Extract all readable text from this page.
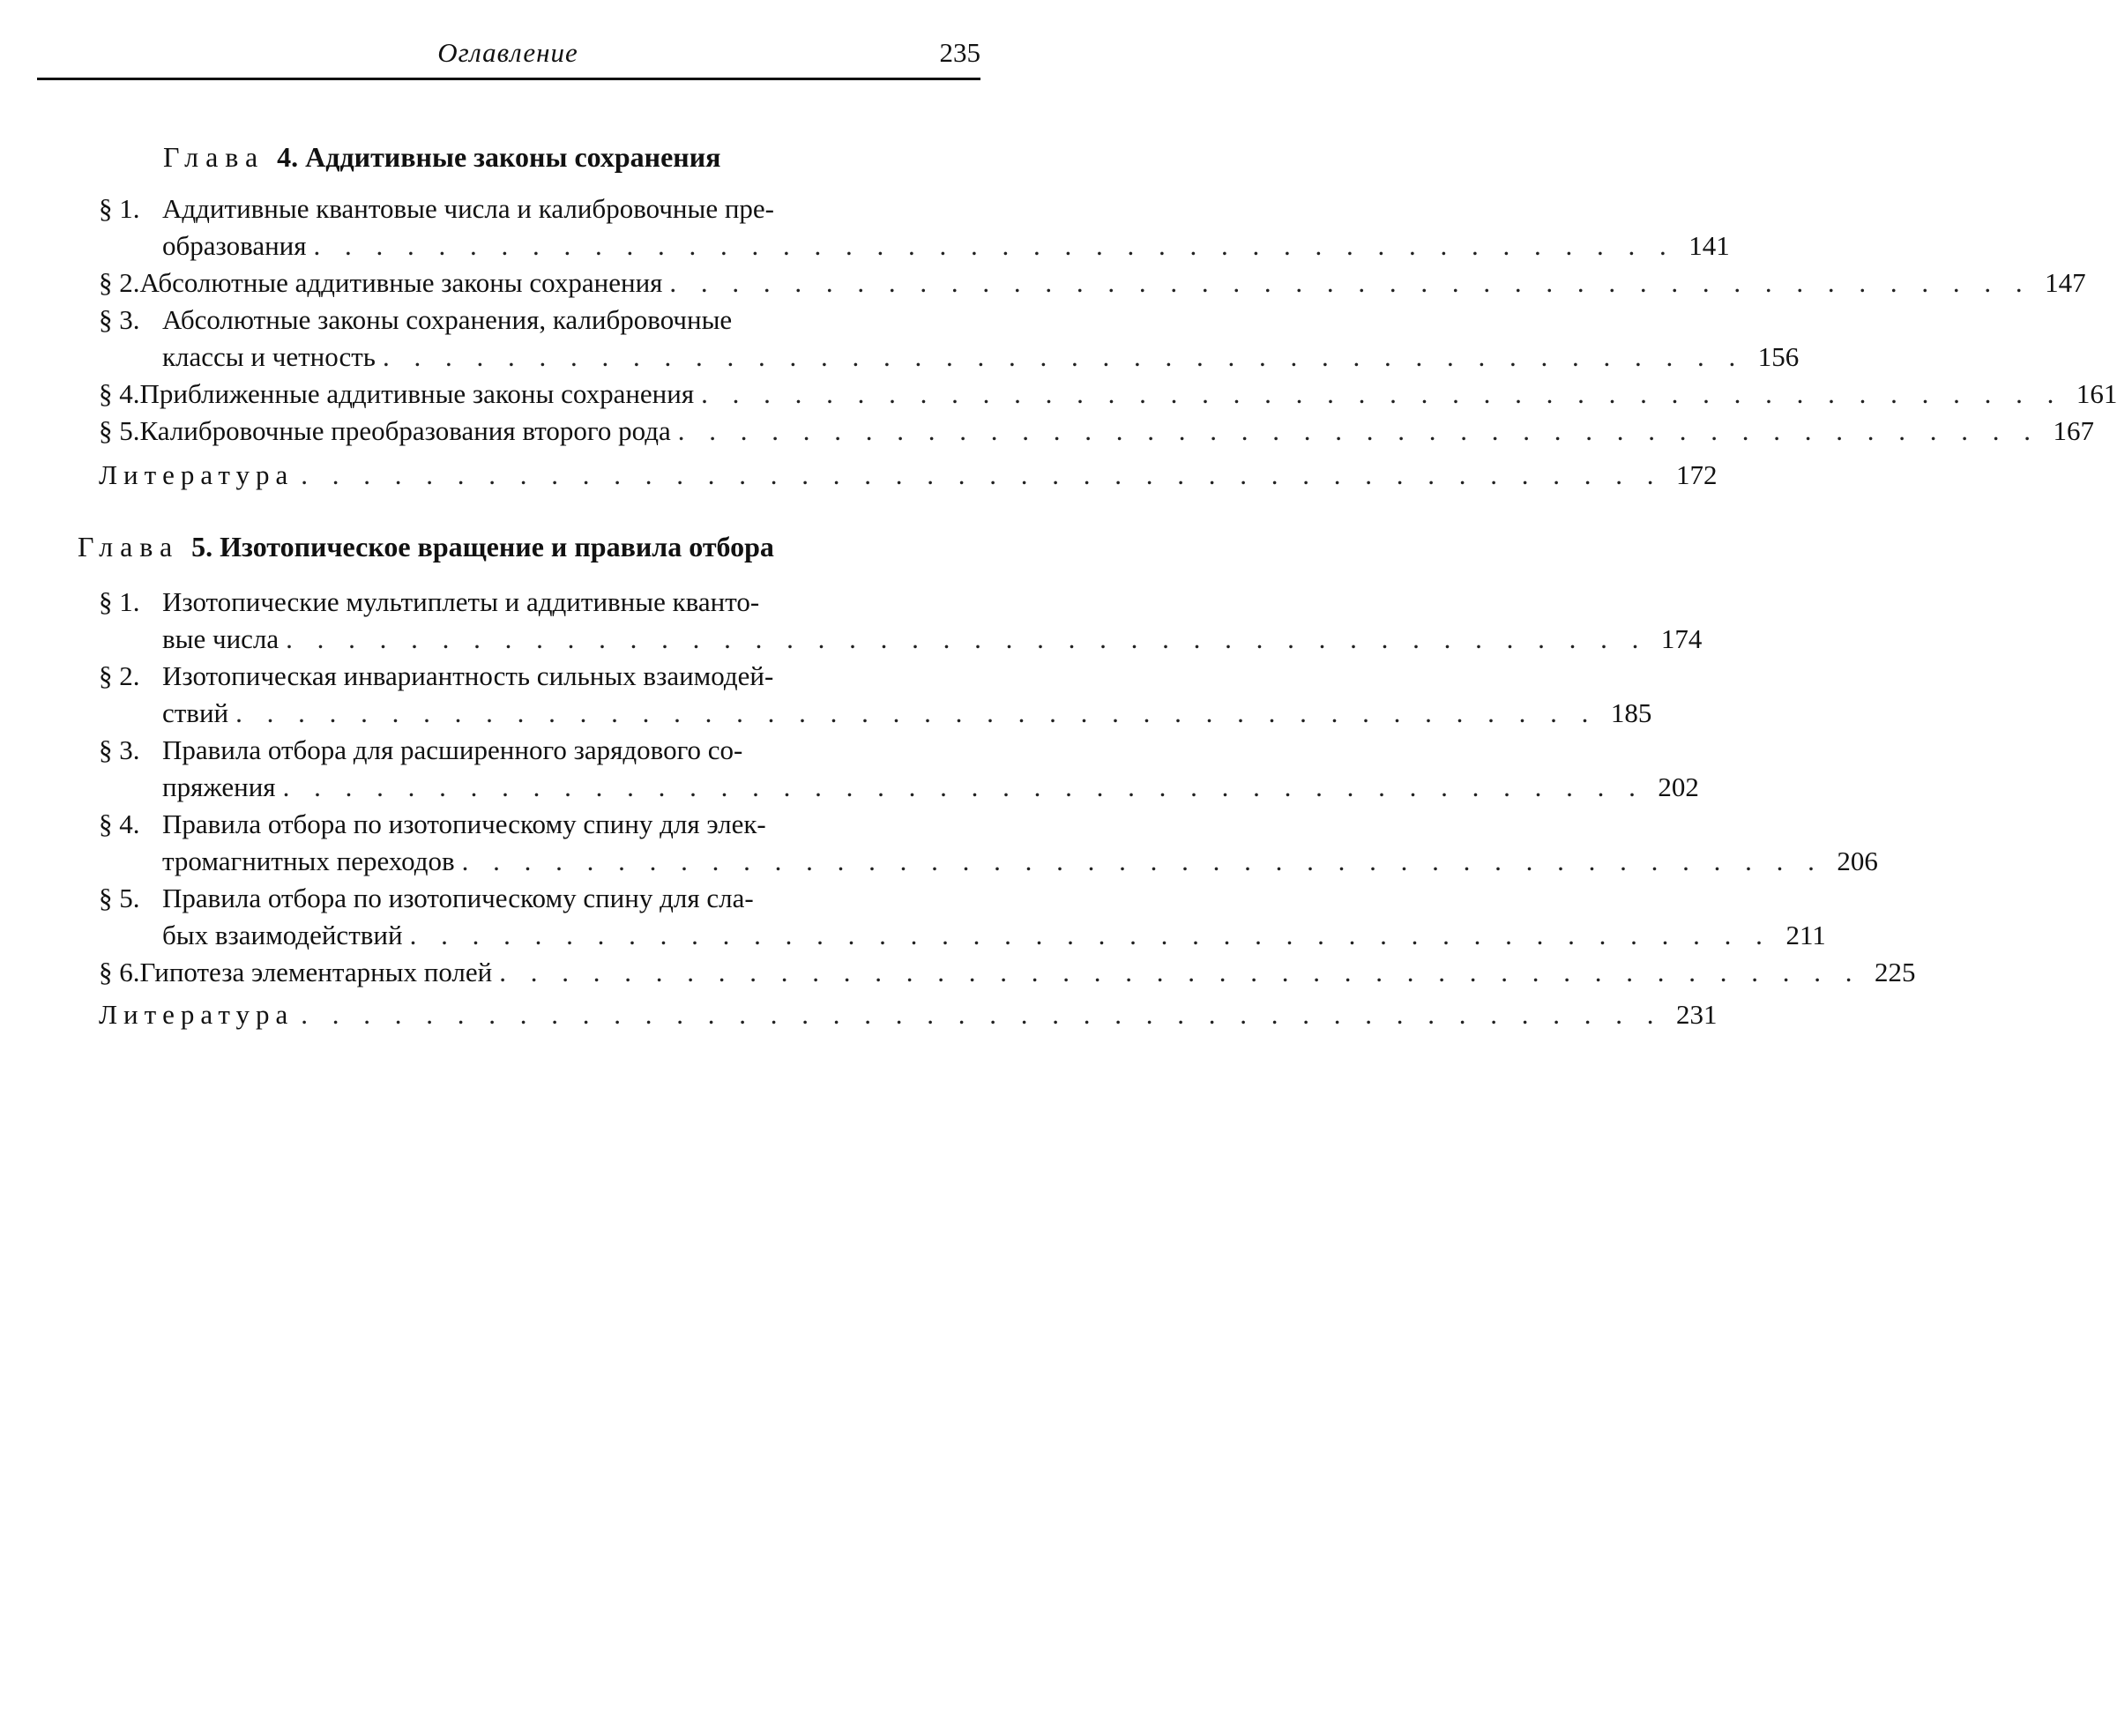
Оглавление	235
Глава 4. Аддитивные законы сохранения
§ 1. Аддитивные квантовые числа и калибровочные пре-
образования . . . . . . . . . . . . . . . . . . . . . . . . . . . . . . . . . . . . . . . . . . . . 141
§ 2. Абсолютные аддитивные законы сохранения . . . . . . . . . . . . . . . . . . . . . . . . . . . . . . . . . . . . . . . . . . . . 147
§ 3. Абсолютные законы сохранения, калибровочные
классы и четность . . . . . . . . . . . . . . . . . . . . . . . . . . . . . . . . . . . . . . . . . . . . 156
§ 4. Приближенные аддитивные законы сохранения . . . . . . . . . . . . . . . . . . . . . . . . . . . . . . . . . . . . . . . . . . . . 161
§ 5. Калибровочные преобразования второго рода . . . . . . . . . . . . . . . . . . . . . . . . . . . . . . . . . . . . . . . . . . . . 167
Литература . . . . . . . . . . . . . . . . . . . . . . . . . . . . . . . . . . . . . . . . . . . . 172
Глава 5. Изотопическое вращение и правила отбора
§ 1. Изотопические мультиплеты и аддитивные кванто-
вые числа . . . . . . . . . . . . . . . . . . . . . . . . . . . . . . . . . . . . . . . . . . . . 174
§ 2. Изотопическая инвариантность сильных взаимодей-
ствий . . . . . . . . . . . . . . . . . . . . . . . . . . . . . . . . . . . . . . . . . . . . 185
§ 3. Правила отбора для расширенного зарядового со-
пряжения . . . . . . . . . . . . . . . . . . . . . . . . . . . . . . . . . . . . . . . . . . . . 202
§ 4. Правила отбора по изотопическому спину для элек-
тромагнитных переходов . . . . . . . . . . . . . . . . . . . . . . . . . . . . . . . . . . . . . . . . . . . . 206
§ 5. Правила отбора по изотопическому спину для сла-
бых взаимодействий . . . . . . . . . . . . . . . . . . . . . . . . . . . . . . . . . . . . . . . . . . . . 211
§ 6. Гипотеза элементарных полей . . . . . . . . . . . . . . . . . . . . . . . . . . . . . . . . . . . . . . . . . . . . 225
Литература . . . . . . . . . . . . . . . . . . . . . . . . . . . . . . . . . . . . . . . . . . . . 231
